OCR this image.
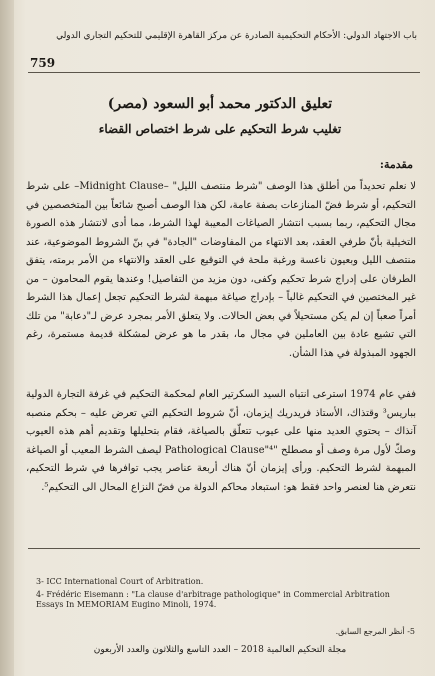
باب الاجتهاد الدولي: الأحكام التحكيمية الصادرة عن مركز القاهرة الإقليمي للتحكيم التجاري الدولي
759
تعليق الدكتور محمد أبو السعود (مصر)
تغليب شرط التحكيم على شرط اختصاص القضاء
مقدمة:
لا نعلم تحديداً من أطلق هذا الوصف "شرط منتصف الليل" –Midnight Clause– على شرط التحكيم، أو شرط فضّ المنازعات بصفة عامة، لكن هذا الوصف أصبح شائعاً بين المتخصصين في مجال التحكيم، ربما بسبب انتشار الصياغات المعيبة لهذا الشرط، مما أدى لانتشار هذه الصورة التخيلية بأنّ طرفي العقد، بعد الانتهاء من المفاوضات "الجادة" في بنّ الشروط الموضوعية، عند منتصف الليل وبعيون ناعسة ورغبة ملحة في التوقيع على العقد والانتهاء من الأمر برمته، يتفق الطرفان على إدراج شرط تحكيم وكفى، دون مزيد من التفاصيل! وعندها يقوم المحامون – من غير المختصين في التحكيم غالباً – بإدراج صياغة مبهمة لشرط التحكيم تجعل إعمال هذا الشرط أمراً صعباً إن لم يكن مستحيلاً في بعض الحالات. ولا يتعلق الأمر بمجرد عرض لـ"دعابة" من تلك التي تشيع عادة بين العاملين في مجال ما، بقدر ما هو عرض لمشكلة قديمة مستمرة، رغم الجهود المبذولة في هذا الشأن.
ففي عام 1974 استرعى انتباه السيد السكرتير العام لمحكمة التحكيم في غرفة التجارة الدولية بباريس³ وقتذاك، الأستاذ فريدريك إيزمان، أنّ شروط التحكيم التي تعرض عليه – بحكم منصبه آنذاك – يحتوي العديد منها على عيوب تتعلّق بالصياغة، فقام بتحليلها وتقديم أهم هذه العيوب وصكّ لأول مرة وصف أو مصطلح "Pathological Clause"⁴ ليصف الشرط المعيب أو الصياغة المبهمة لشرط التحكيم. ورأى إيزمان أنّ هناك أربعة عناصر يجب توافرها في شرط التحكيم، نتعرض هنا لعنصر واحد فقط هو: استبعاد محاكم الدولة من فضّ النزاع المحال الى التحكيم⁵.
3- ICC International Court of Arbitration.
4- Frédéric Eisemann : "La clause d'arbitrage pathologique" in Commercial Arbitration Essays In MEMORIAM Eugino Minoli, 1974.
5- أنظر المرجع السابق.
مجلة التحكيم العالمية 2018 – العدد التاسع والثلاثون والعدد الأربعون
